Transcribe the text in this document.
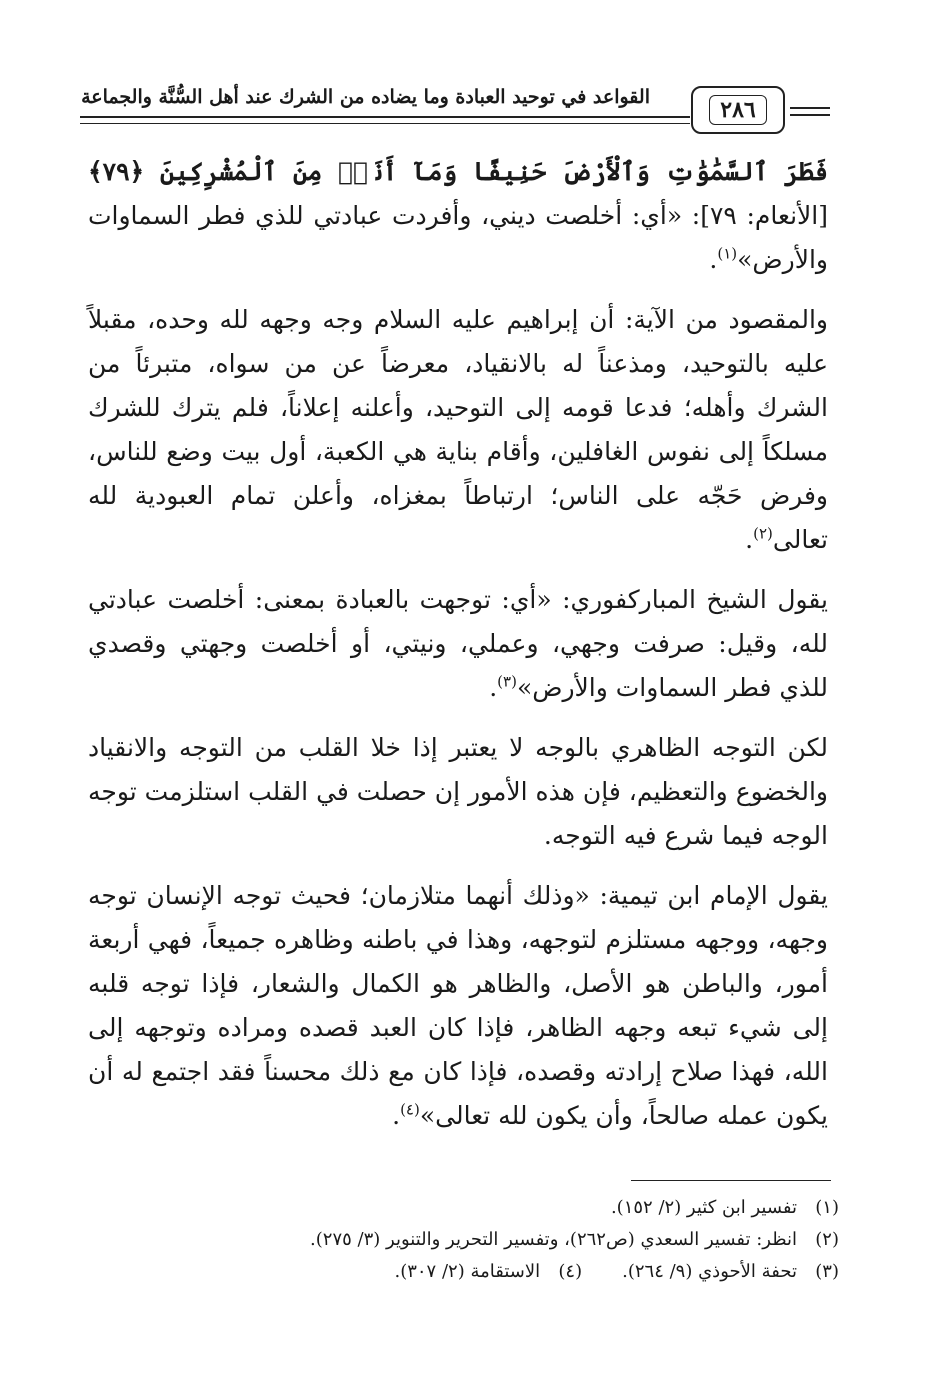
القواعد في توحيد العبادة وما يضاده من الشرك عند أهل السُّنَّة والجماعة	٢٨٦

فَطَرَ ٱلسَّمَٰوَٰتِ وَٱلْأَرْضَ حَنِيفًا وَمَآ أَنَا۠ مِنَ ٱلْمُشْرِكِينَ ﴿٧٩﴾ [الأنعام: ٧٩]: «أي: أخلصت ديني، وأفردت عبادتي للذي فطر السماوات والأرض»$^{(١)}$.

والمقصود من الآية: أن إبراهيم عليه السلام وجه وجهه لله وحده، مقبلاً عليه بالتوحيد، ومذعناً له بالانقياد، معرضاً عن من سواه، متبرئاً من الشرك وأهله؛ فدعا قومه إلى التوحيد، وأعلنه إعلاناً، فلم يترك للشرك مسلكاً إلى نفوس الغافلين، وأقام بناية هي الكعبة، أول بيت وضع للناس، وفرض حَجّه على الناس؛ ارتباطاً بمغزاه، وأعلن تمام العبودية لله تعالى$^{(٢)}$.

يقول الشيخ المباركفوري: «أي: توجهت بالعبادة بمعنى: أخلصت عبادتي لله، وقيل: صرفت وجهي، وعملي، ونيتي، أو أخلصت وجهتي وقصدي للذي فطر السماوات والأرض»$^{(٣)}$.

لكن التوجه الظاهري بالوجه لا يعتبر إذا خلا القلب من التوجه والانقياد والخضوع والتعظيم، فإن هذه الأمور إن حصلت في القلب استلزمت توجه الوجه فيما شرع فيه التوجه.

يقول الإمام ابن تيمية: «وذلك أنهما متلازمان؛ فحيث توجه الإنسان توجه وجهه، ووجهه مستلزم لتوجهه، وهذا في باطنه وظاهره جميعاً، فهي أربعة أمور، والباطن هو الأصل، والظاهر هو الكمال والشعار، فإذا توجه قلبه إلى شيء تبعه وجهه الظاهر، فإذا كان العبد قصده ومراده وتوجهه إلى الله، فهذا صلاح إرادته وقصده، فإذا كان مع ذلك محسناً فقد اجتمع له أن يكون عمله صالحاً، وأن يكون لله تعالى»$^{(٤)}$.

(١)تفسير ابن كثير (٢/ ١٥٢).
(٢)انظر: تفسير السعدي (ص٢٦٢)، وتفسير التحرير والتنوير (٣/ ٢٧٥).
(٣)تحفة الأحوذي (٩/ ٢٦٤).(٤)الاستقامة (٢/ ٣٠٧).
